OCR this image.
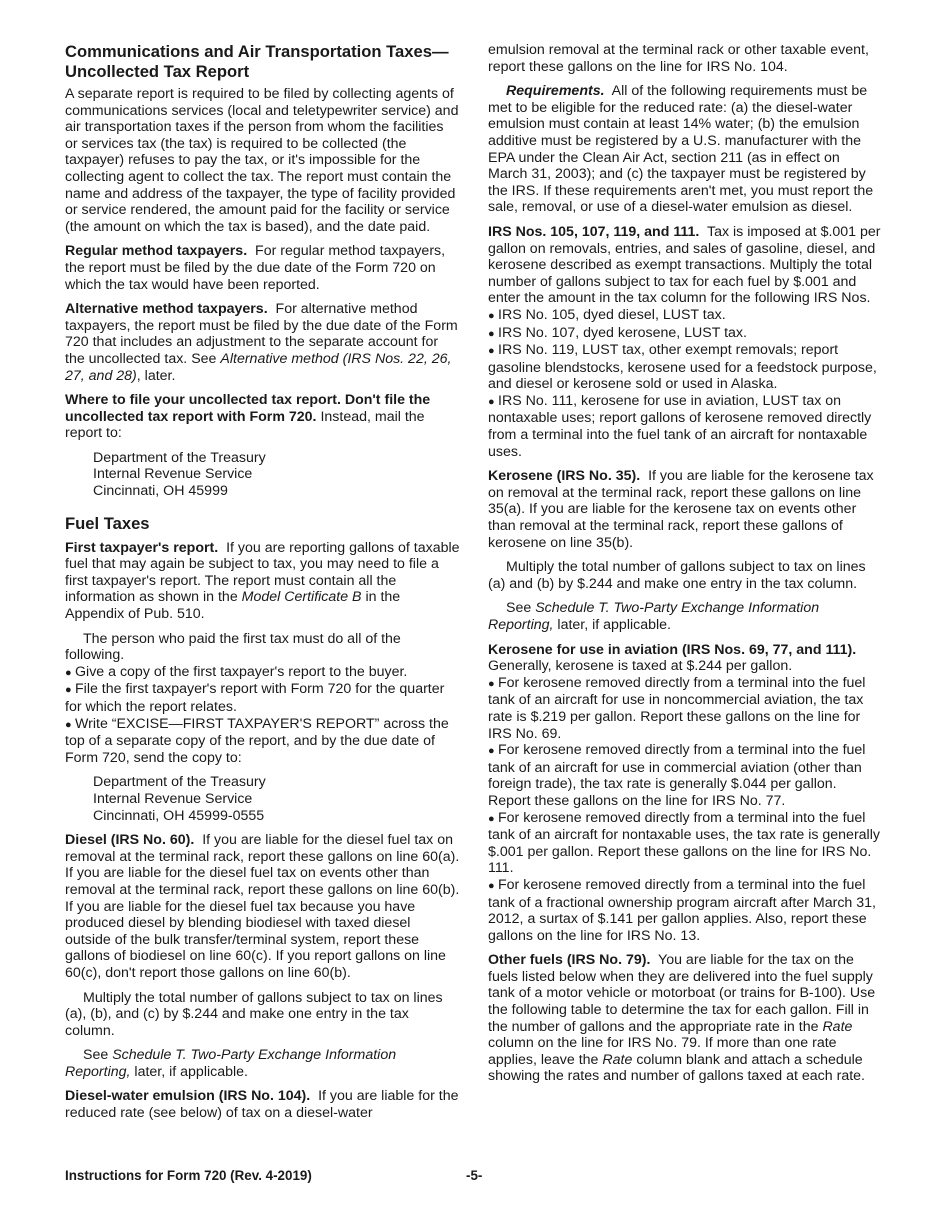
Communications and Air Transportation Taxes—Uncollected Tax Report

A separate report is required to be filed by collecting agents of communications services (local and teletypewriter service) and air transportation taxes if the person from whom the facilities or services tax (the tax) is required to be collected (the taxpayer) refuses to pay the tax, or it's impossible for the collecting agent to collect the tax. The report must contain the name and address of the taxpayer, the type of facility provided or service rendered, the amount paid for the facility or service (the amount on which the tax is based), and the date paid.

Regular method taxpayers. For regular method taxpayers, the report must be filed by the due date of the Form 720 on which the tax would have been reported.

Alternative method taxpayers. For alternative method taxpayers, the report must be filed by the due date of the Form 720 that includes an adjustment to the separate account for the uncollected tax. See Alternative method (IRS Nos. 22, 26, 27, and 28), later.

Where to file your uncollected tax report. Don't file the uncollected tax report with Form 720. Instead, mail the report to:

Department of the Treasury
Internal Revenue Service
Cincinnati, OH 45999
Fuel Taxes

First taxpayer's report. If you are reporting gallons of taxable fuel that may again be subject to tax, you may need to file a first taxpayer's report. The report must contain all the information as shown in the Model Certificate B in the Appendix of Pub. 510.

The person who paid the first tax must do all of the following.

● Give a copy of the first taxpayer's report to the buyer.
● File the first taxpayer's report with Form 720 for the quarter for which the report relates.
● Write “EXCISE—FIRST TAXPAYER'S REPORT” across the top of a separate copy of the report, and by the due date of Form 720, send the copy to:
Department of the Treasury
Internal Revenue Service
Cincinnati, OH 45999-0555

Diesel (IRS No. 60). If you are liable for the diesel fuel tax on removal at the terminal rack, report these gallons on line 60(a). If you are liable for the diesel fuel tax on events other than removal at the terminal rack, report these gallons on line 60(b). If you are liable for the diesel fuel tax because you have produced diesel by blending biodiesel with taxed diesel outside of the bulk transfer/terminal system, report these gallons of biodiesel on line 60(c). If you report gallons on line 60(c), don't report those gallons on line 60(b).

Multiply the total number of gallons subject to tax on lines (a), (b), and (c) by $.244 and make one entry in the tax column.

See Schedule T. Two-Party Exchange Information Reporting, later, if applicable.

Diesel-water emulsion (IRS No. 104). If you are liable for the reduced rate (see below) of tax on a diesel-water

emulsion removal at the terminal rack or other taxable event, report these gallons on the line for IRS No. 104.

Requirements. All of the following requirements must be met to be eligible for the reduced rate: (a) the diesel-water emulsion must contain at least 14% water; (b) the emulsion additive must be registered by a U.S. manufacturer with the EPA under the Clean Air Act, section 211 (as in effect on March 31, 2003); and (c) the taxpayer must be registered by the IRS. If these requirements aren't met, you must report the sale, removal, or use of a diesel-water emulsion as diesel.

IRS Nos. 105, 107, 119, and 111. Tax is imposed at $.001 per gallon on removals, entries, and sales of gasoline, diesel, and kerosene described as exempt transactions. Multiply the total number of gallons subject to tax for each fuel by $.001 and enter the amount in the tax column for the following IRS Nos.

● IRS No. 105, dyed diesel, LUST tax.
● IRS No. 107, dyed kerosene, LUST tax.
● IRS No. 119, LUST tax, other exempt removals; report gasoline blendstocks, kerosene used for a feedstock purpose, and diesel or kerosene sold or used in Alaska.
● IRS No. 111, kerosene for use in aviation, LUST tax on nontaxable uses; report gallons of kerosene removed directly from a terminal into the fuel tank of an aircraft for nontaxable uses.

Kerosene (IRS No. 35). If you are liable for the kerosene tax on removal at the terminal rack, report these gallons on line 35(a). If you are liable for the kerosene tax on events other than removal at the terminal rack, report these gallons of kerosene on line 35(b).

Multiply the total number of gallons subject to tax on lines (a) and (b) by $.244 and make one entry in the tax column.

See Schedule T. Two-Party Exchange Information Reporting, later, if applicable.

Kerosene for use in aviation (IRS Nos. 69, 77, and 111). Generally, kerosene is taxed at $.244 per gallon.

● For kerosene removed directly from a terminal into the fuel tank of an aircraft for use in noncommercial aviation, the tax rate is $.219 per gallon. Report these gallons on the line for IRS No. 69.
● For kerosene removed directly from a terminal into the fuel tank of an aircraft for use in commercial aviation (other than foreign trade), the tax rate is generally $.044 per gallon. Report these gallons on the line for IRS No. 77.
● For kerosene removed directly from a terminal into the fuel tank of an aircraft for nontaxable uses, the tax rate is generally $.001 per gallon. Report these gallons on the line for IRS No. 111.
● For kerosene removed directly from a terminal into the fuel tank of a fractional ownership program aircraft after March 31, 2012, a surtax of $.141 per gallon applies. Also, report these gallons on the line for IRS No. 13.

Other fuels (IRS No. 79). You are liable for the tax on the fuels listed below when they are delivered into the fuel supply tank of a motor vehicle or motorboat (or trains for B-100). Use the following table to determine the tax for each gallon. Fill in the number of gallons and the appropriate rate in the Rate column on the line for IRS No. 79. If more than one rate applies, leave the Rate column blank and attach a schedule showing the rates and number of gallons taxed at each rate.

Instructions for Form 720 (Rev. 4-2019)	-5-
